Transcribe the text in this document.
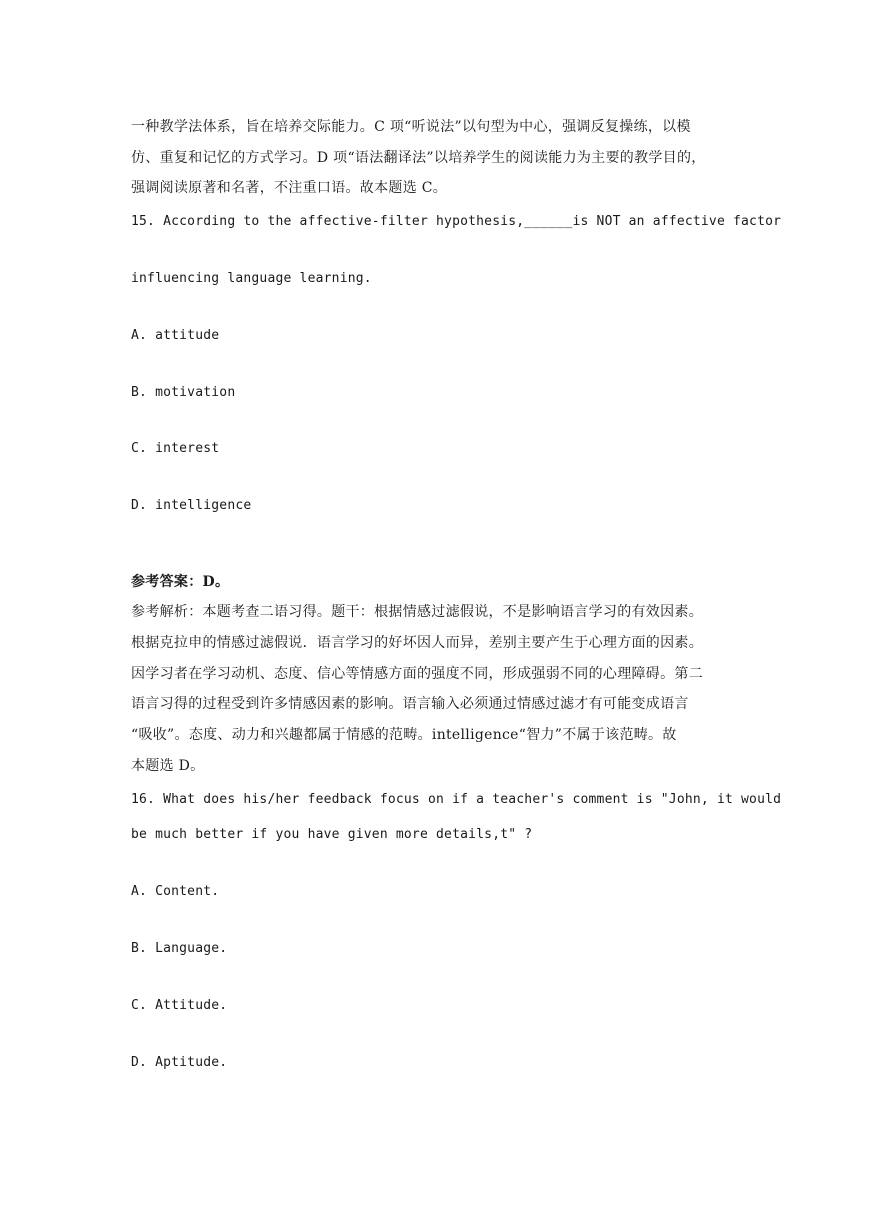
一种教学法体系，旨在培养交际能力。C 项“听说法”以句型为中心，强调反复操练，以模
仿、重复和记忆的方式学习。D 项“语法翻译法”以培养学生的阅读能力为主要的教学目的，
强调阅读原著和名著，不注重口语。故本题选 C。
15. According to the affective-filter hypothesis,______is NOT an affective factor
influencing language learning.
A. attitude
B. motivation
C. interest
D. intelligence
参考答案：D。
参考解析：本题考查二语习得。题干：根据情感过滤假说，不是影响语言学习的有效因素。
根据克拉申的情感过滤假说．语言学习的好坏因人而异，差别主要产生于心理方面的因素。
因学习者在学习动机、态度、信心等情感方面的强度不同，形成强弱不同的心理障碍。第二
语言习得的过程受到许多情感因素的影响。语言输入必须通过情感过滤才有可能变成语言
“吸收”。态度、动力和兴趣都属于情感的范畴。intelligence“智力”不属于该范畴。故
本题选 D。
16. What does his/her feedback focus on if a teacher's comment is "John, it would
be much better if you have given more details,t" ?
A. Content.
B. Language.
C. Attitude.
D. Aptitude.
